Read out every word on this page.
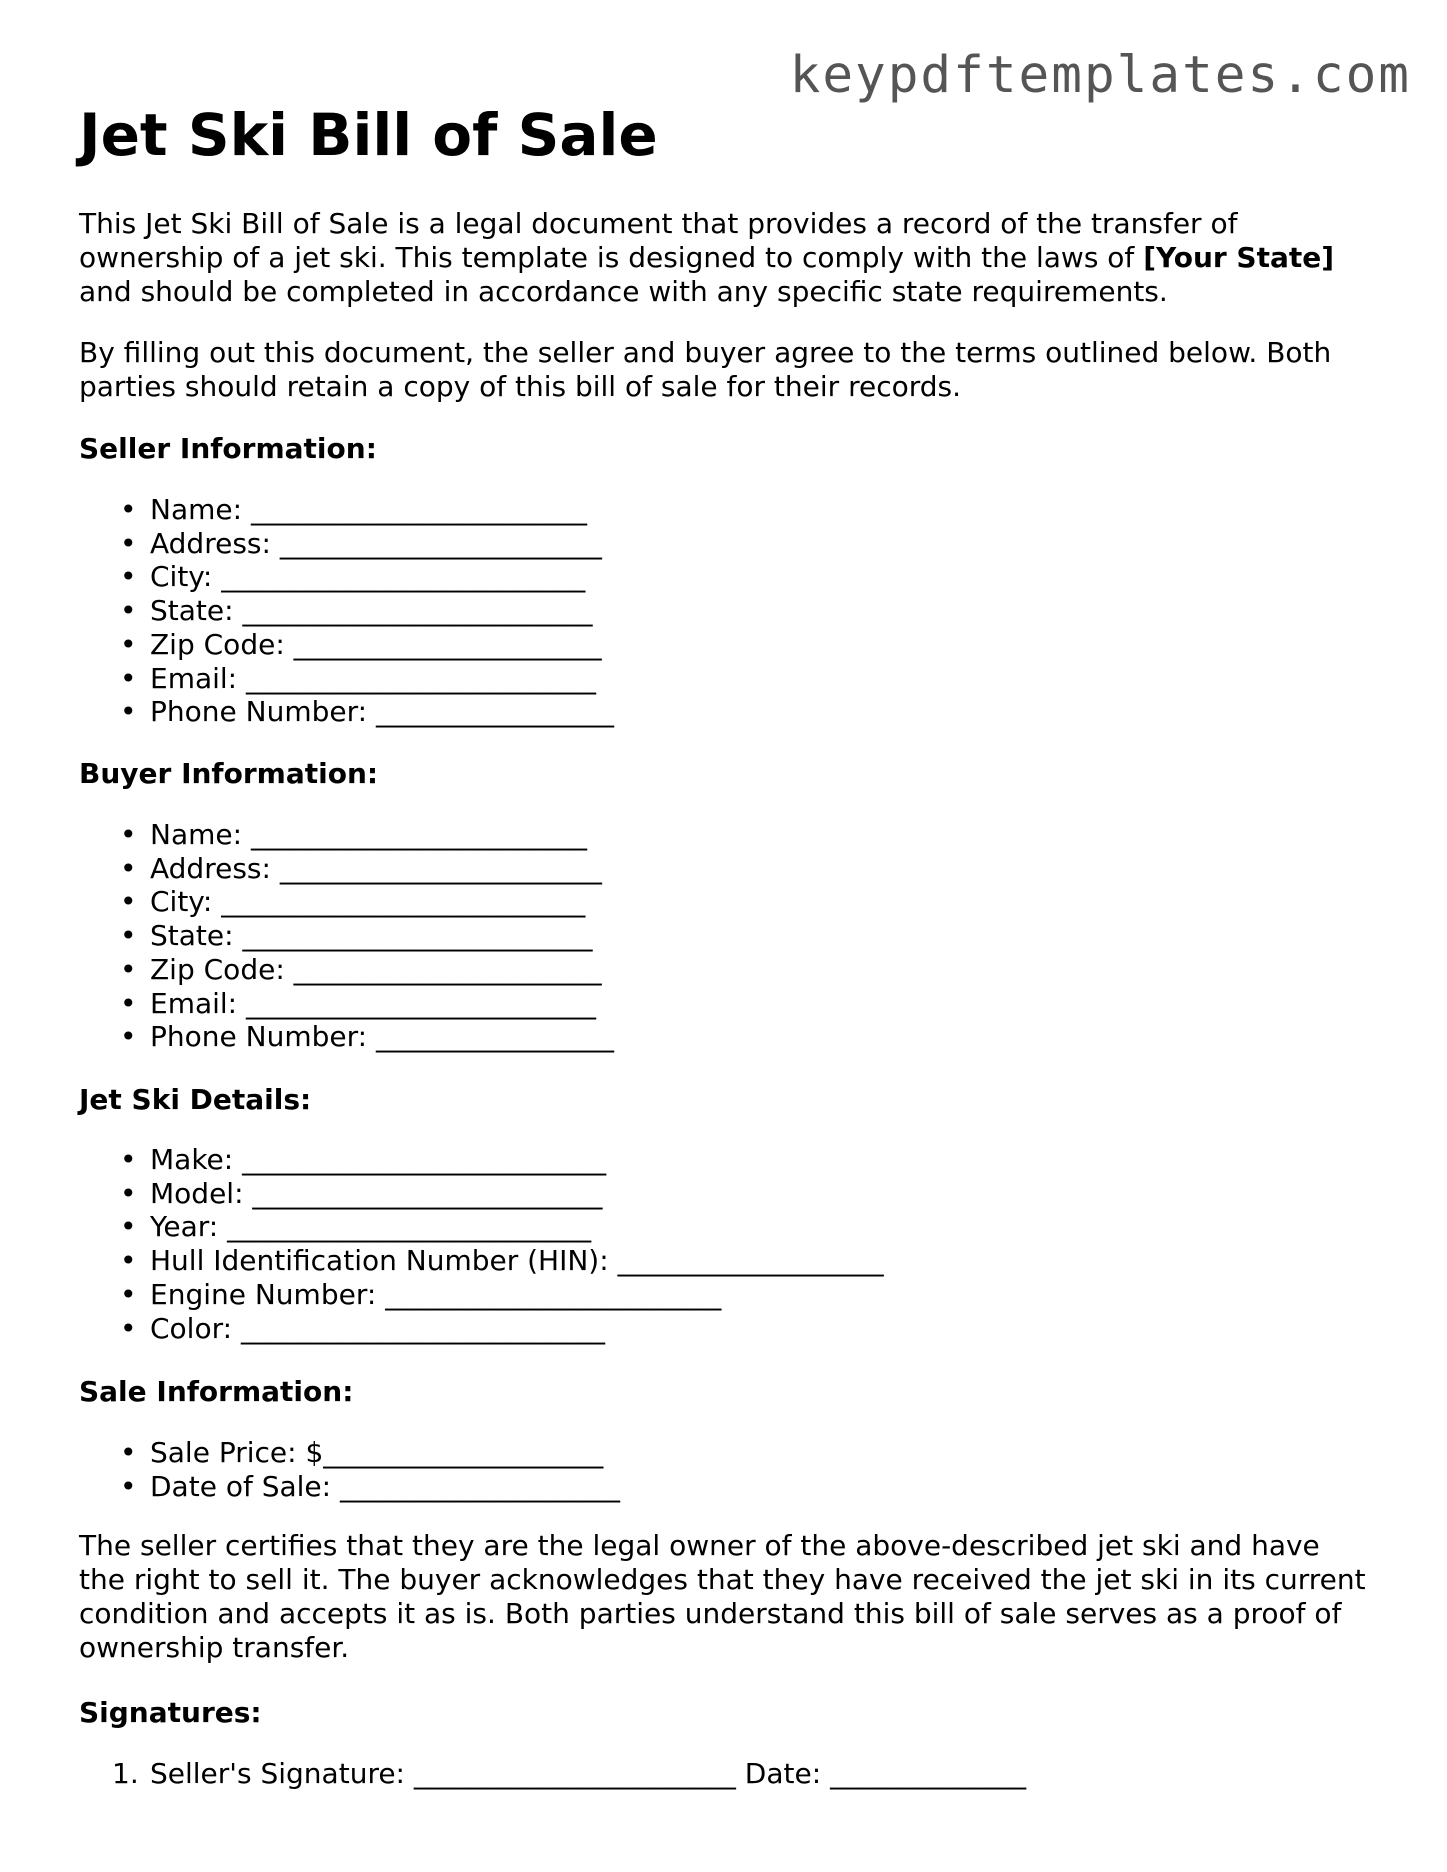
keypdftemplates.com
Jet Ski Bill of Sale

This Jet Ski Bill of Sale is a legal document that provides a record of the transfer of ownership of a jet ski. This template is designed to comply with the laws of [Your State] and should be completed in accordance with any specific state requirements.

By filling out this document, the seller and buyer agree to the terms outlined below. Both parties should retain a copy of this bill of sale for their records.

Seller Information:
• Name: ________________________
• Address: _______________________
• City: __________________________
• State: _________________________
• Zip Code: ______________________
• Email: _________________________
• Phone Number: _________________
Buyer Information:
• Name: ________________________
• Address: _______________________
• City: __________________________
• State: _________________________
• Zip Code: ______________________
• Email: _________________________
• Phone Number: _________________
Jet Ski Details:
• Make: __________________________
• Model: _________________________
• Year: __________________________
• Hull Identification Number (HIN): ___________________
• Engine Number: ________________________
• Color: __________________________
Sale Information:
• Sale Price: $____________________
• Date of Sale: ____________________

The seller certifies that they are the legal owner of the above-described jet ski and have the right to sell it. The buyer acknowledges that they have received the jet ski in its current condition and accepts it as is. Both parties understand this bill of sale serves as a proof of ownership transfer.

Signatures:
1. Seller's Signature: _______________________ Date: ______________
